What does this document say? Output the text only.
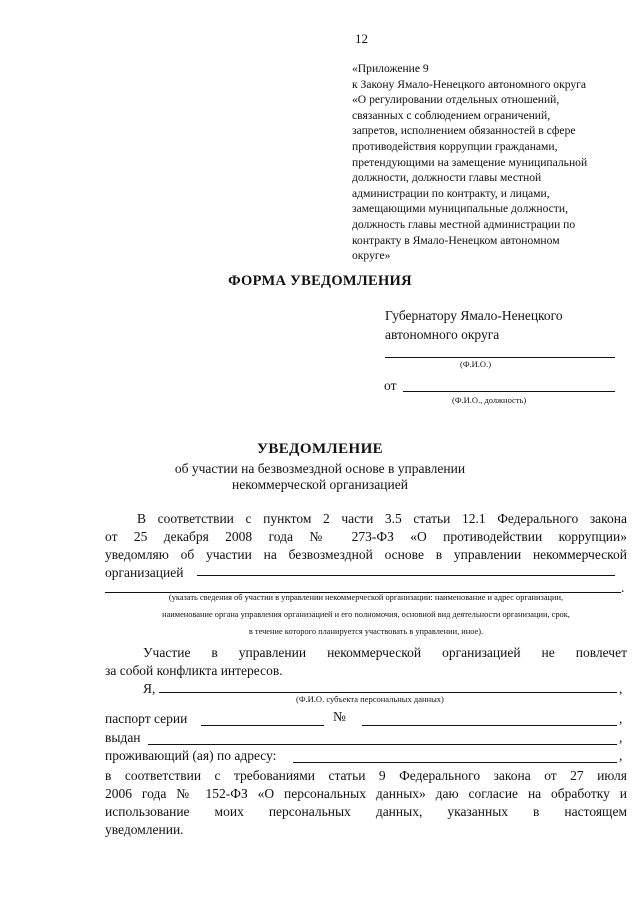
12
«Приложение 9
к Закону Ямало-Ненецкого автономного округа
«О регулировании отдельных отношений,
связанных с соблюдением ограничений,
запретов, исполнением обязанностей в сфере
противодействия коррупции гражданами,
претендующими на замещение муниципальной
должности, должности главы местной
администрации по контракту, и лицами,
замещающими муниципальные должности,
должность главы местной администрации по
контракту в Ямало-Ненецком автономном
округе»
ФОРМА УВЕДОМЛЕНИЯ
Губернатору Ямало-Ненецкого
автономного округа
(Ф.И.О.)
от
(Ф.И.О., должность)
УВЕДОМЛЕНИЕ
об участии на безвозмездной основе в управлении
некоммерческой организацией
В соответствии с пунктом 2 части 3.5 статьи 12.1 Федерального закона
от 25 декабря 2008 года № 273-ФЗ «О противодействии коррупции»
уведомляю об участии на безвозмездной основе в управлении некоммерческой
организацией
.
(указать сведения об участии в управлении некоммерческой организации: наименование и адрес организации,
наименование органа управления организацией и его полномочия, основной вид деятельности организации, срок,
в течение которого планируется участвовать в управлении, иное).
Участие в управлении некоммерческой организацией не повлечет
за собой конфликта интересов.
Я,	,
(Ф.И.О. субъекта персональных данных)
паспорт серии	№	,
выдан	,
проживающий (ая) по адресу:	,
в соответствии с требованиями статьи 9 Федерального закона от 27 июля
2006 года № 152-ФЗ «О персональных данных» даю согласие на обработку и
использование моих персональных данных, указанных в настоящем
уведомлении.
